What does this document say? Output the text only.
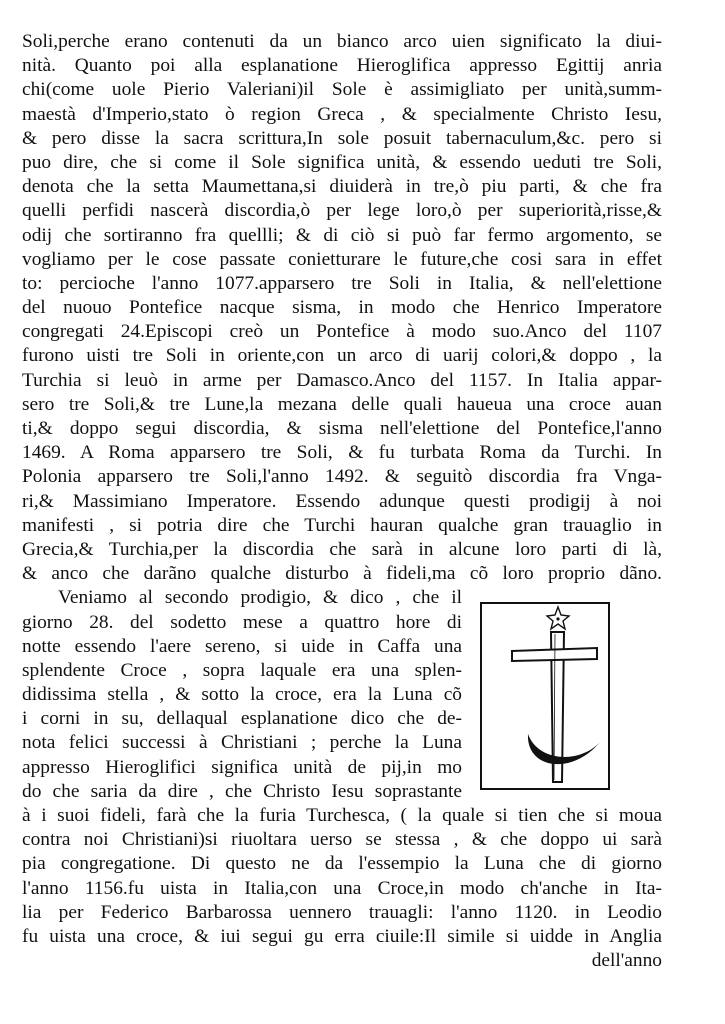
Soli,perche erano contenuti da un bianco arco uien significato la diui-
nità. Quanto poi alla esplanatione Hieroglifica appresso Egittij anria
chi(come uole Pierio Valeriani)il Sole è assimigliato per unità,summ-
maestà d'Imperio,stato ò region Greca , & specialmente Christo Iesu,
& pero disse la sacra scrittura,In sole posuit tabernaculum,&c. pero si
puo dire, che si come il Sole significa unità, & essendo ueduti tre Soli,
denota che la setta Maumettana,si diuiderà in tre,ò piu parti, & che fra
quelli perfidi nascerà discordia,ò per lege loro,ò per superiorità,risse,&
odij che sortiranno fra quellli; & di ciò si può far fermo argomento, se
vogliamo per le cose passate conietturare le future,che cosi sara in effet
to: percioche l'anno 1077.apparsero tre Soli in Italia, & nell'elettione
del nuouo Pontefice nacque sisma, in modo che Henrico Imperatore
congregati 24.Episcopi creò un Pontefice à modo suo.Anco del 1107
furono uisti tre Soli in oriente,con un arco di uarij colori,& doppo , la
Turchia si leuò in arme per Damasco.Anco del 1157. In Italia appar-
sero tre Soli,& tre Lune,la mezana delle quali haueua una croce auan
ti,& doppo segui discordia, & sisma nell'elettione del Pontefice,l'anno
1469. A Roma apparsero tre Soli, & fu turbata Roma da Turchi. In
Polonia apparsero tre Soli,l'anno 1492. & seguitò discordia fra Vnga-
ri,& Massimiano Imperatore. Essendo adunque questi prodigij à noi
manifesti , si potria dire che Turchi hauran qualche gran trauaglio in
Grecia,& Turchia,per la discordia che sarà in alcune loro parti di là,
& anco che darãno qualche disturbo à fideli,ma cõ loro proprio dãno.
Veniamo al secondo prodigio, & dico , che il
giorno 28. del sodetto mese a quattro hore di
notte essendo l'aere sereno, si uide in Caffa una
splendente Croce , sopra laquale era una splen-
didissima stella , & sotto la croce, era la Luna cõ
i corni in su, dellaqual esplanatione dico che de-
nota felici successi à Christiani ; perche la Luna
appresso Hieroglifici significa unità de pij,in mo
do che saria da dire , che Christo Iesu soprastante
à i suoi fideli, farà che la furia Turchesca, ( la quale si tien che si moua
contra noi Christiani)si riuoltara uerso se stessa , & che doppo ui sarà
pia congregatione. Di questo ne da l'essempio la Luna che di giorno
l'anno 1156.fu uista in Italia,con una Croce,in modo ch'anche in Ita-
lia per Federico Barbarossa uennero trauagli: l'anno 1120. in Leodio
fu uista una croce, & iui segui gu erra ciuile:Il simile si uidde in Anglia
dell'anno
